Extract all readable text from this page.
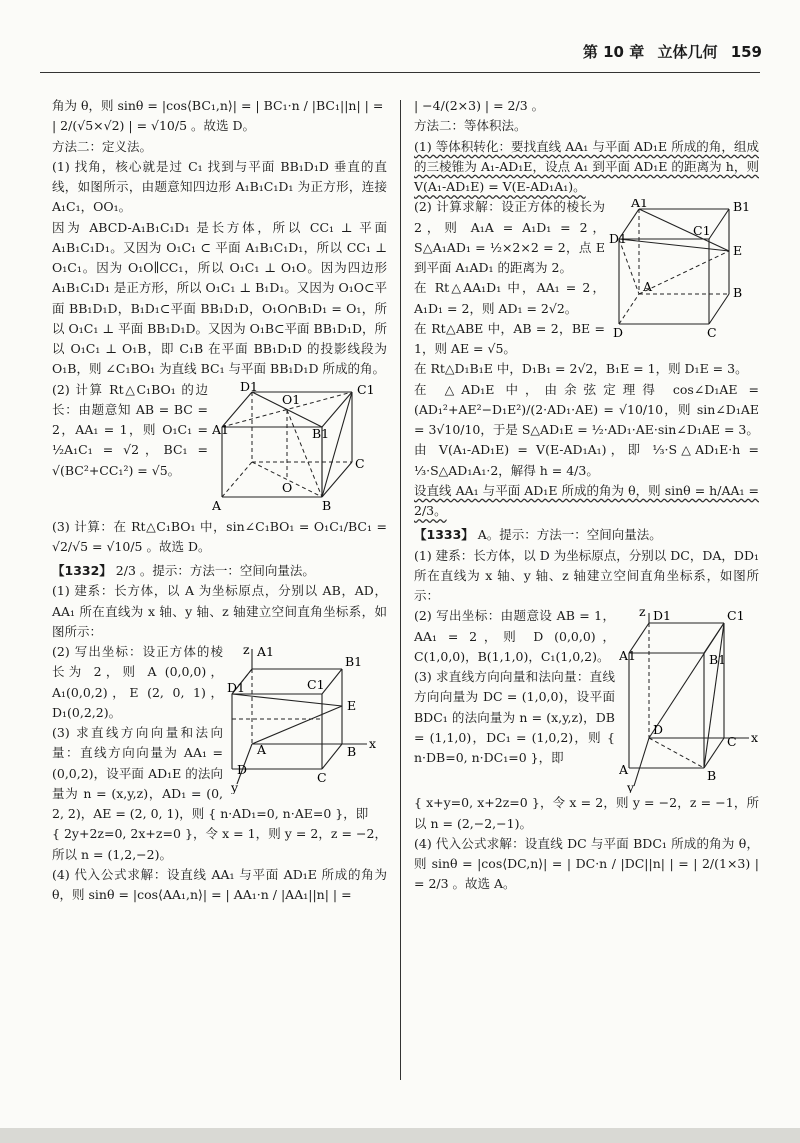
第 10 章 立体几何 159

角为 θ，则 sinθ = |cos⟨BC₁,n⟩| = | BC₁·n / |BC₁||n| | =

| 2/(√5×√2) | = √10/5 。故选 D。

方法二：定义法。

(1) 找角，核心就是过 C₁ 找到与平面 BB₁D₁D 垂直的直线，如图所示，由题意知四边形 A₁B₁C₁D₁ 为正方形，连接 A₁C₁，OO₁。

因为 ABCD-A₁B₁C₁D₁ 是长方体，所以 CC₁ ⊥ 平面 A₁B₁C₁D₁。又因为 O₁C₁ ⊂ 平面 A₁B₁C₁D₁，所以 CC₁ ⊥ O₁C₁。因为 O₁O∥CC₁，所以 O₁C₁ ⊥ O₁O。因为四边形 A₁B₁C₁D₁ 是正方形，所以 O₁C₁ ⊥ B₁D₁。又因为 O₁O⊂平面 BB₁D₁D，B₁D₁⊂平面 BB₁D₁D，O₁O∩B₁D₁ = O₁，所以 O₁C₁ ⊥ 平面 BB₁D₁D。又因为 O₁B⊂平面 BB₁D₁D，所以 O₁C₁ ⊥ O₁B，即 C₁B 在平面 BB₁D₁D 的投影线段为 O₁B，则 ∠C₁BO₁ 为直线 BC₁ 与平面 BB₁D₁D 所成的角。

D1
O1
C1
A1	B1
C
O
A	B

(2) 计算 Rt△C₁BO₁ 的边长：由题意知 AB = BC = 2，AA₁ = 1，则 O₁C₁ = ½A₁C₁ = √2，BC₁ = √(BC²+CC₁²) = √5。

(3) 计算：在 Rt△C₁BO₁ 中，sin∠C₁BO₁ = O₁C₁/BC₁ = √2/√5 = √10/5 。故选 D。

【1332】 2/3 。提示：方法一：空间向量法。

(1) 建系：长方体，以 A 为坐标原点，分别以 AB，AD，AA₁ 所在直线为 x 轴、y 轴、z 轴建立空间直角坐标系，如图所示：

A1
B1
D1	C1
E
A	B
x
D
C
z
y

(2) 写出坐标：设正方体的棱长为 2，则 A (0,0,0)，A₁(0,0,2)，E (2, 0, 1)，D₁(0,2,2)。

(3) 求直线方向向量和法向量：直线方向向量为 AA₁ = (0,0,2)，设平面 AD₁E 的法向量为 n = (x,y,z)，AD₁ = (0, 2, 2)，AE = (2, 0, 1)，则 { n·AD₁=0, n·AE=0 }，即

{ 2y+2z=0, 2x+z=0 }，令 x = 1，则 y = 2，z = −2，所以 n = (1,2,−2)。

(4) 代入公式求解：设直线 AA₁ 与平面 AD₁E 所成的角为 θ，则 sinθ = |cos⟨AA₁,n⟩| = | AA₁·n / |AA₁||n| | =

| −4/(2×3) | = 2/3 。

方法二：等体积法。

(1) 等体积转化：要找直线 AA₁ 与平面 AD₁E 所成的角，组成的三棱锥为 A₁-AD₁E，设点 A₁ 到平面 AD₁E 的距离为 h，则 V(A₁-AD₁E) = V(E-AD₁A₁)。

A1	B1
C1
D1
E
A	B
D	C

(2) 计算求解：设正方体的棱长为 2，则 A₁A = A₁D₁ = 2，S△A₁AD₁ = ½×2×2 = 2，点 E 到平面 A₁AD₁ 的距离为 2。

在 Rt△AA₁D₁ 中，AA₁ = 2，A₁D₁ = 2，则 AD₁ = 2√2。

在 Rt△ABE 中，AB = 2，BE = 1，则 AE = √5。

在 Rt△D₁B₁E 中，D₁B₁ = 2√2，B₁E = 1，则 D₁E = 3。

在 △AD₁E 中，由余弦定理得 cos∠D₁AE = (AD₁²+AE²−D₁E²)/(2·AD₁·AE) = √10/10，则 sin∠D₁AE = 3√10/10，于是 S△AD₁E = ½·AD₁·AE·sin∠D₁AE = 3。

由 V(A₁-AD₁E) = V(E-AD₁A₁)，即 ⅓·S△AD₁E·h = ⅓·S△AD₁A₁·2，解得 h = 4/3。

设直线 AA₁ 与平面 AD₁E 所成的角为 θ，则 sinθ = h/AA₁ = 2/3。

【1333】 A。提示：方法一：空间向量法。

(1) 建系：长方体，以 D 为坐标原点，分别以 DC，DA，DD₁ 所在直线为 x 轴、y 轴、z 轴建立空间直角坐标系，如图所示：

D1	C1
A1	B1
D
C x
A	B
z
y

(2) 写出坐标：由题意设 AB = 1，AA₁ = 2，则 D (0,0,0)，C(1,0,0)，B(1,1,0)，C₁(1,0,2)。

(3) 求直线方向向量和法向量：直线方向向量为 DC = (1,0,0)，设平面 BDC₁ 的法向量为 n = (x,y,z)，DB = (1,1,0)，DC₁ = (1,0,2)，则 { n·DB=0, n·DC₁=0 }，即

{ x+y=0, x+2z=0 }，令 x = 2，则 y = −2，z = −1，所以 n = (2,−2,−1)。

(4) 代入公式求解：设直线 DC 与平面 BDC₁ 所成的角为 θ，则 sinθ = |cos⟨DC,n⟩| = | DC·n / |DC||n| | = | 2/(1×3) | = 2/3 。故选 A。
